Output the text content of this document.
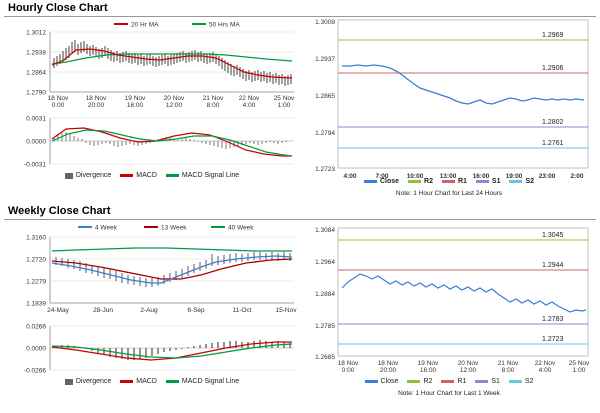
Hourly Close Chart
20 Hr MA	50 Hrs MA
1.3012
1.2938
1.2864
1.2790
18 Nov
0:00
18 Nov
20:00
19 Nov
16:00
20 Nov
12:00
21 Nov
8:00
22 Nov
4:00
25 Nov
1:00
0.0031
0.0000
-0.0031
Divergence	MACD	MACD Signal Line
1.3008
1.2937
1.2865
1.2794
1.2723
1.2969
1.2906
1.2802
1.2761
4:00	7:00	10:00	13:00	16:00	19:00	23:00 2:00
Close	R2	R1	S1	S2
Note: 1 Hour Chart for Last 24 Hours
Weekly Close Chart
4 Week	13 Week	40 Week
1.3160
1.2720
1.2279
1.1839
24-May	28-Jun	2-Aug	6-Sep	11-Oct	15-Nov
0.0266
0.0000
-0.0266
Divergence	MACD	MACD Signal Line
1.3084
1.2964
1.2884
1.2785
1.2685
1.3045
1.2944
1.2783
1.2723
18 Nov
0:00
18 Nov
20:00
19 Nov
16:00
20 Nov
12:00
21 Nov
8:00
22 Nov
4:00
25 Nov
1:00
Close	R2	R1	S1	S2
Note: 1 Hour Chart for Last 1 Week
